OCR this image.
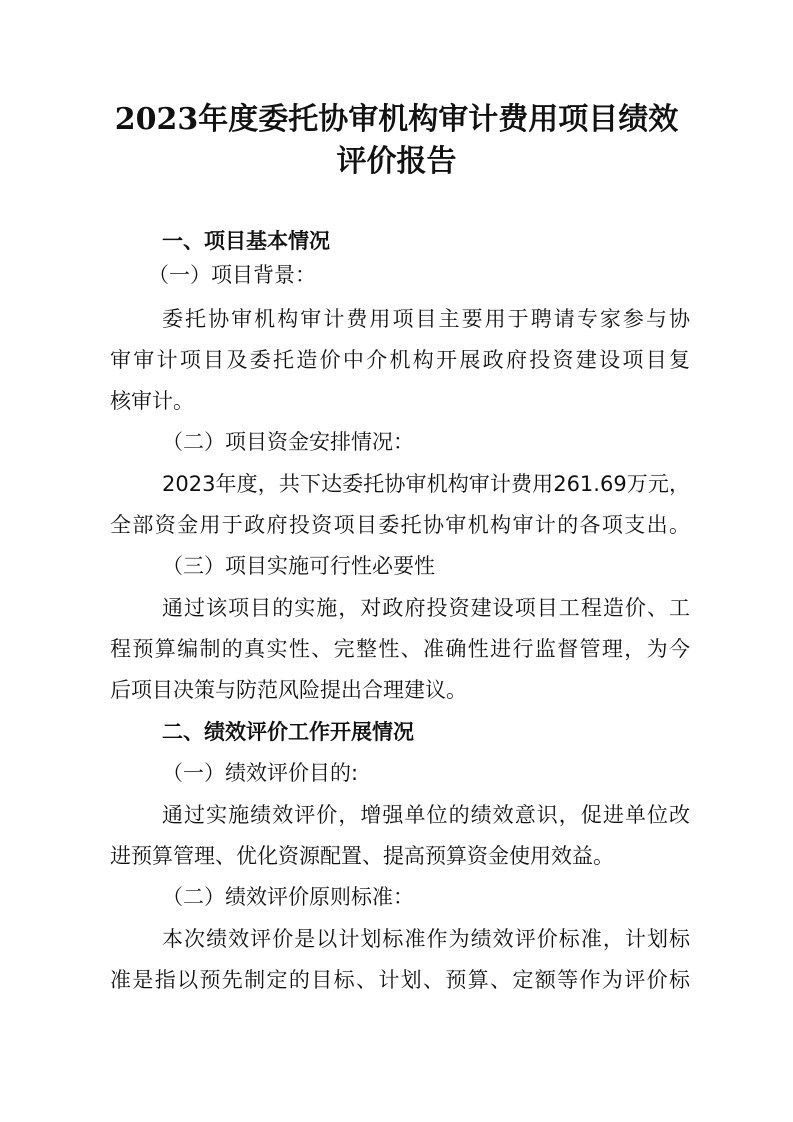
2023年度委托协审机构审计费用项目绩效
评价报告

一、项目基本情况

（一）项目背景：

委托协审机构审计费用项目主要用于聘请专家参与协

审审计项目及委托造价中介机构开展政府投资建设项目复

核审计。

（二）项目资金安排情况：

2023年度，共下达委托协审机构审计费用261.69万元，

全部资金用于政府投资项目委托协审机构审计的各项支出。

（三）项目实施可行性必要性

通过该项目的实施，对政府投资建设项目工程造价、工

程预算编制的真实性、完整性、准确性进行监督管理，为今

后项目决策与防范风险提出合理建议。

二、绩效评价工作开展情况

（一）绩效评价目的:

通过实施绩效评价，增强单位的绩效意识，促进单位改

进预算管理、优化资源配置、提高预算资金使用效益。

（二）绩效评价原则标准：

本次绩效评价是以计划标准作为绩效评价标准，计划标

准是指以预先制定的目标、计划、预算、定额等作为评价标
